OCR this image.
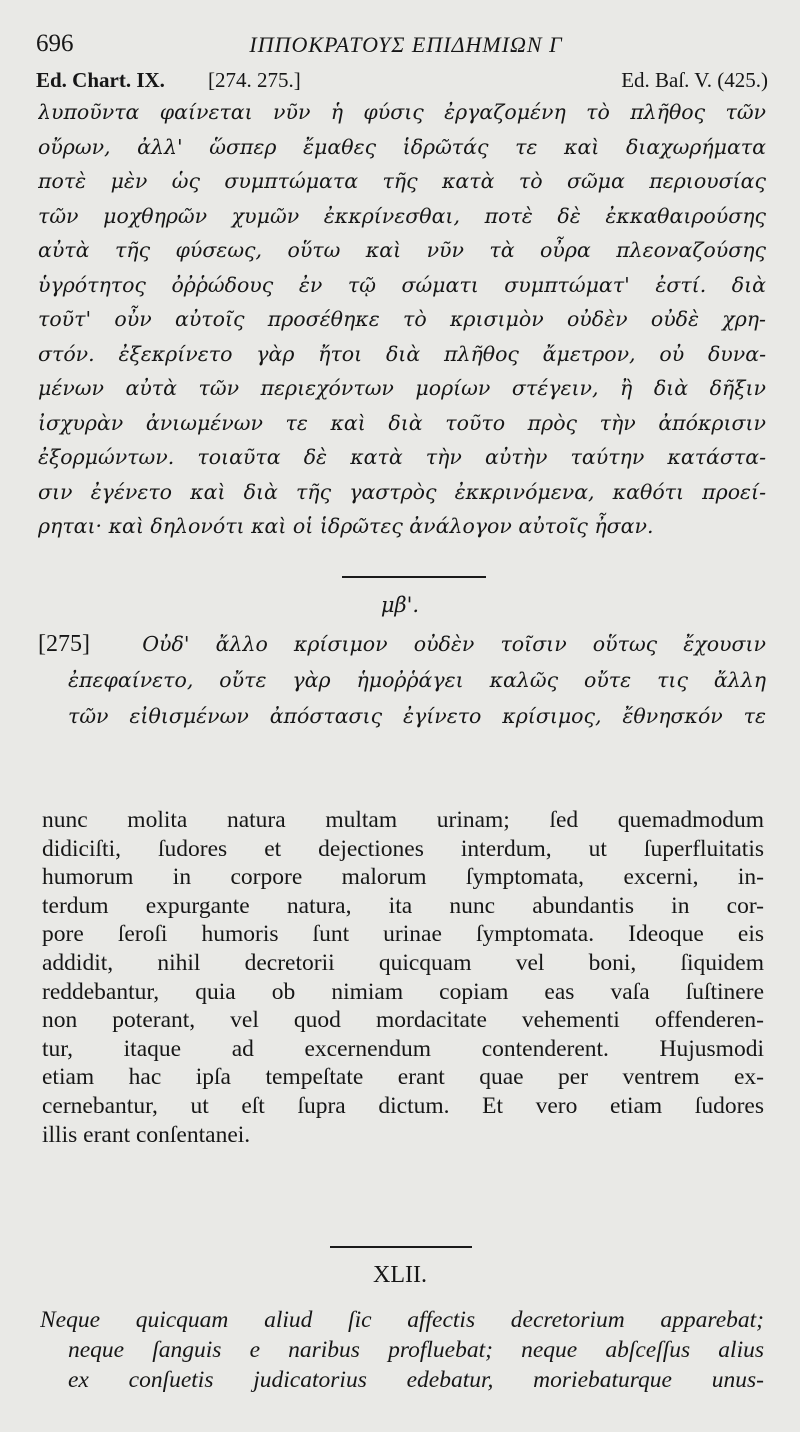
696	ΙΠΠΟΚΡΑΤΟΥΣ ΕΠΙΔΗΜΙΩΝ Γ
Ed. Chart. IX. [274. 275.]	Ed. Baſ. V. (425.)
λυποῦντα φαίνεται νῦν ἡ φύσις ἐργαζομένη τὸ πλῆθος τῶν
οὔρων, ἀλλ' ὥσπερ ἔμαθες ἱδρῶτάς τε καὶ διαχωρήματα
ποτὲ μὲν ὡς συμπτώματα τῆς κατὰ τὸ σῶμα περιουσίας
τῶν μοχθηρῶν χυμῶν ἐκκρίνεσθαι, ποτὲ δὲ ἐκκαθαιρούσης
αὐτὰ τῆς φύσεως, οὕτω καὶ νῦν τὰ οὖρα πλεοναζούσης
ὑγρότητος ὀῤῥώδους ἐν τῷ σώματι συμπτώματ' ἐστί. διὰ
τοῦτ' οὖν αὐτοῖς προσέθηκε τὸ κρισιμὸν οὐδὲν οὐδὲ χρη-
στόν. ἐξεκρίνετο γὰρ ἤτοι διὰ πλῆθος ἄμετρον, οὐ δυνα-
μένων αὐτὰ τῶν περιεχόντων μορίων στέγειν, ἢ διὰ δῆξιν
ἰσχυρὰν ἀνιωμένων τε καὶ διὰ τοῦτο πρὸς τὴν ἀπόκρισιν
ἐξορμώντων. τοιαῦτα δὲ κατὰ τὴν αὐτὴν ταύτην κατάστα-
σιν ἐγένετο καὶ διὰ τῆς γαστρὸς ἐκκρινόμενα, καθότι προεί-
ρηται· καὶ δηλονότι καὶ οἱ ἱδρῶτες ἀνάλογον αὐτοῖς ἦσαν.
μβ'.
[275]	Οὐδ' ἄλλο κρίσιμον οὐδὲν τοῖσιν οὕτως ἔχουσιν
ἐπεφαίνετο, οὔτε γὰρ ἡμοῤῥάγει καλῶς οὔτε τις ἄλλη
τῶν εἰθισμένων ἀπόστασις ἐγίνετο κρίσιμος, ἔθνησκόν τε
nunc molita natura multam urinam; ſed quemadmodum
didiciſti, ſudores et dejectiones interdum, ut ſuperfluitatis
humorum in corpore malorum ſymptomata, excerni, in-
terdum expurgante natura, ita nunc abundantis in cor-
pore ſeroſi humoris ſunt urinae ſymptomata. Ideoque eis
addidit, nihil decretorii quicquam vel boni, ſiquidem
reddebantur, quia ob nimiam copiam eas vaſa ſuſtinere
non poterant, vel quod mordacitate vehementi offenderen-
tur, itaque ad excernendum contenderent. Hujusmodi
etiam hac ipſa tempeſtate erant quae per ventrem ex-
cernebantur, ut eſt ſupra dictum. Et vero etiam ſudores
illis erant conſentanei.
XLII.
Neque quicquam aliud ſic affectis decretorium apparebat;
neque ſanguis e naribus profluebat; neque abſceſſus alius
ex conſuetis judicatorius edebatur, moriebaturque unus-
